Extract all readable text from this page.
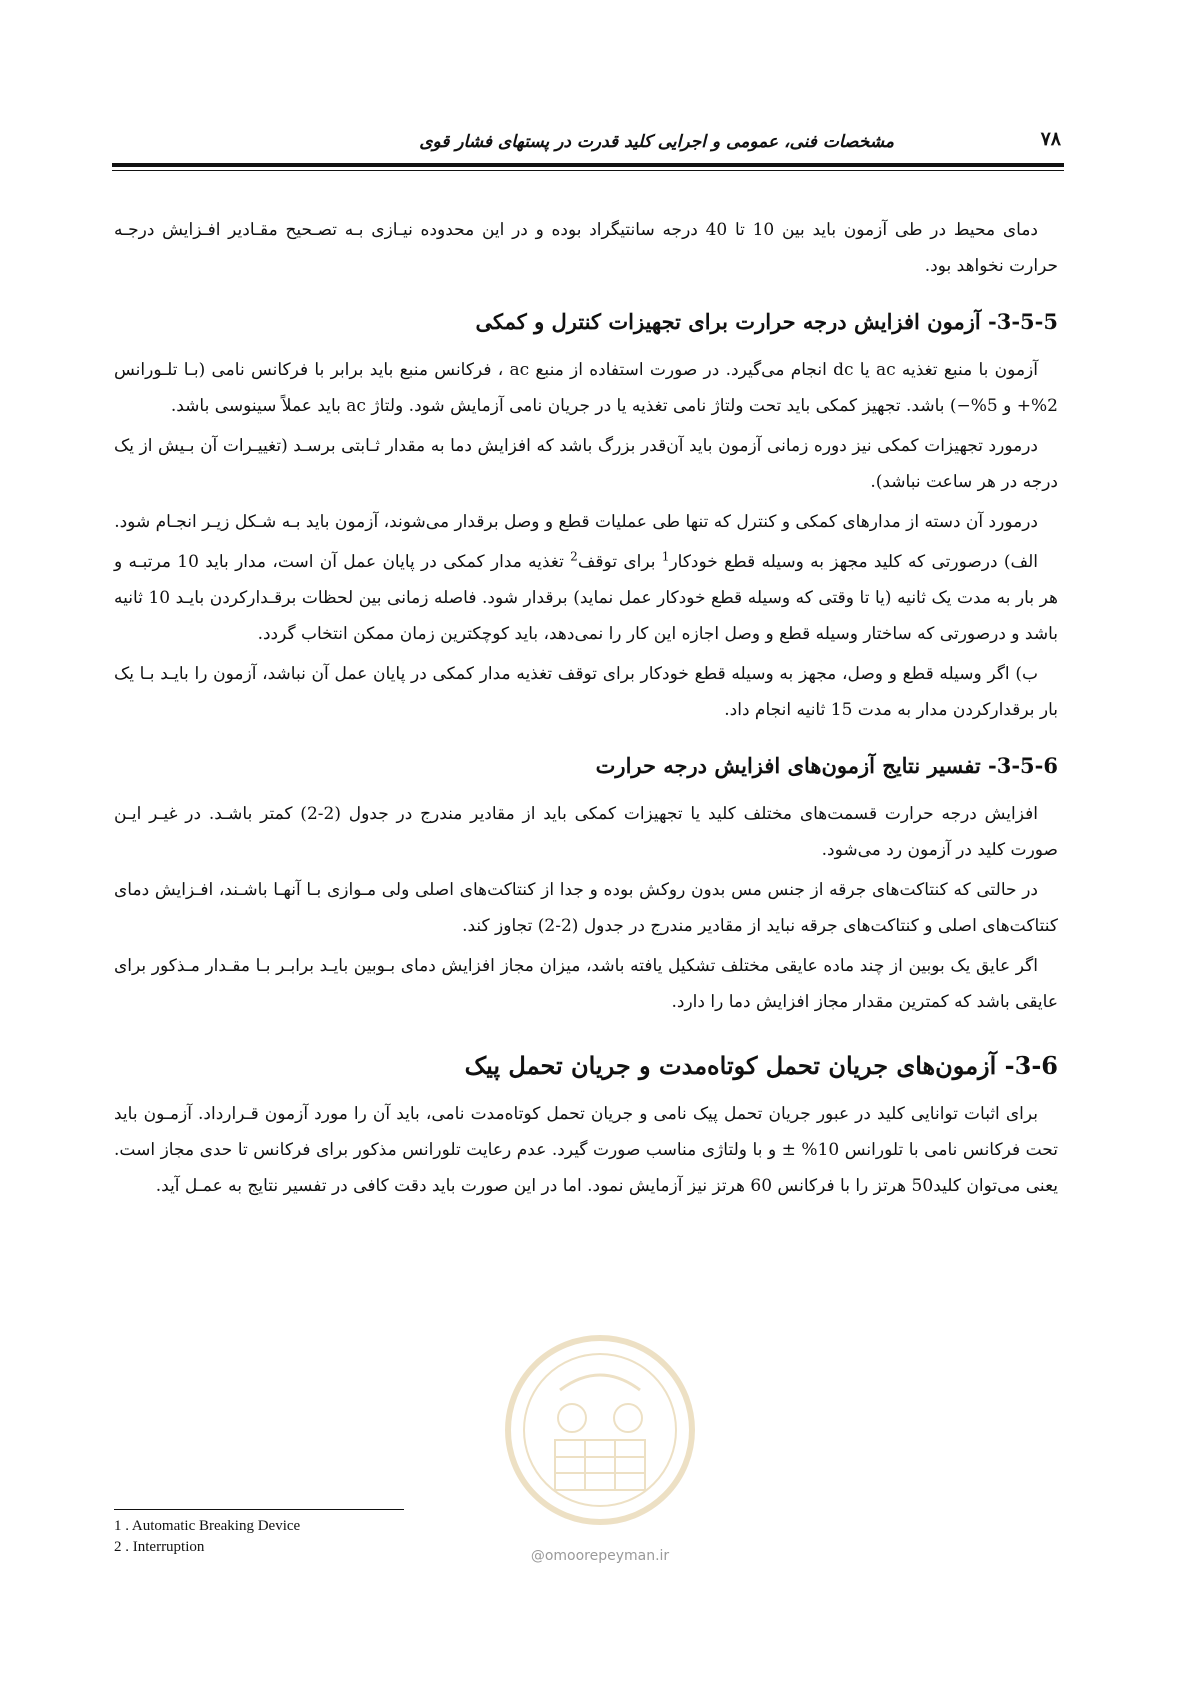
مشخصات فنی، عمومی و اجرایی کلید قدرت در پستهای فشار قوی	۷۸

دمای محیط در طی آزمون باید بین 10 تا 40 درجه سانتیگراد بوده و در این محدوده نیـازی بـه تصـحیح مقـادیر افـزایش درجـه حرارت نخواهد بود.

3-5-5- آزمون افزایش درجه حرارت برای تجهیزات کنترل و کمکی

آزمون با منبع تغذیه ac یا dc انجام می‌گیرد. در صورت استفاده از منبع ac ، فرکانس منبع باید برابر با فرکانس نامی (بـا تلـورانس 2%+ و 5%−) باشد. تجهیز کمکی باید تحت ولتاژ نامی تغذیه یا در جریان نامی آزمایش شود. ولتاژ ac باید عملاً سینوسی باشد.

درمورد تجهیزات کمکی نیز دوره زمانی آزمون باید آن‌قدر بزرگ باشد که افزایش دما به مقدار ثـابتی برسـد (تغییـرات آن بـیش از یک درجه در هر ساعت نباشد).

درمورد آن دسته از مدارهای کمکی و کنترل که تنها طی عملیات قطع و وصل برقدار می‌شوند، آزمون باید بـه شـکل زیـر انجـام شود.

الف) درصورتی که کلید مجهز به وسیله قطع خودکار$^1$ برای توقف$^2$ تغذیه مدار کمکی در پایان عمل آن است، مدار باید 10 مرتبـه و هر بار به مدت یک ثانیه (یا تا وقتی که وسیله قطع خودکار عمل نماید) برقدار شود. فاصله زمانی بین لحظات برقـدارکردن بایـد 10 ثانیه باشد و درصورتی که ساختار وسیله قطع و وصل اجازه این کار را نمی‌دهد، باید کوچکترین زمان ممکن انتخاب گردد.

ب) اگر وسیله قطع و وصل، مجهز به وسیله قطع خودکار برای توقف تغذیه مدار کمکی در پایان عمل آن نباشد، آزمون را بایـد بـا یک بار برقدارکردن مدار به مدت 15 ثانیه انجام داد.

3-5-6- تفسیر نتایج آزمون‌های افزایش درجه حرارت

افزایش درجه حرارت قسمت‌های مختلف کلید یا تجهیزات کمکی باید از مقادیر مندرج در جدول (2-2) کمتر باشـد. در غیـر ایـن صورت کلید در آزمون رد می‌شود.

در حالتی که کنتاکت‌های جرقه از جنس مس بدون روکش بوده و جدا از کنتاکت‌های اصلی ولی مـوازی بـا آنهـا باشـند، افـزایش دمای کنتاکت‌های اصلی و کنتاکت‌های جرقه نباید از مقادیر مندرج در جدول (2-2) تجاوز کند.

اگر عایق یک بوبین از چند ماده عایقی مختلف تشکیل یافته باشد، میزان مجاز افزایش دمای بـوبین بایـد برابـر بـا مقـدار مـذکور برای عایقی باشد که کمترین مقدار مجاز افزایش دما را دارد.

3-6- آزمون‌های جریان تحمل کوتاه‌مدت و جریان تحمل پیک

برای اثبات توانایی کلید در عبور جریان تحمل پیک نامی و جریان تحمل کوتاه‌مدت نامی، باید آن را مورد آزمون قـرارداد. آزمـون باید تحت فرکانس نامی با تلورانس 10% ± و با ولتاژی مناسب صورت گیرد. عدم رعایت تلورانس مذکور برای فرکانس تا حدی مجاز است. یعنی می‌توان کلید50 هرتز را با فرکانس 60 هرتز نیز آزمایش نمود. اما در این صورت باید دقت کافی در تفسیر نتایج به عمـل آید.

@omoorepeyman.ir
1 . Automatic Breaking Device
2 . Interruption
